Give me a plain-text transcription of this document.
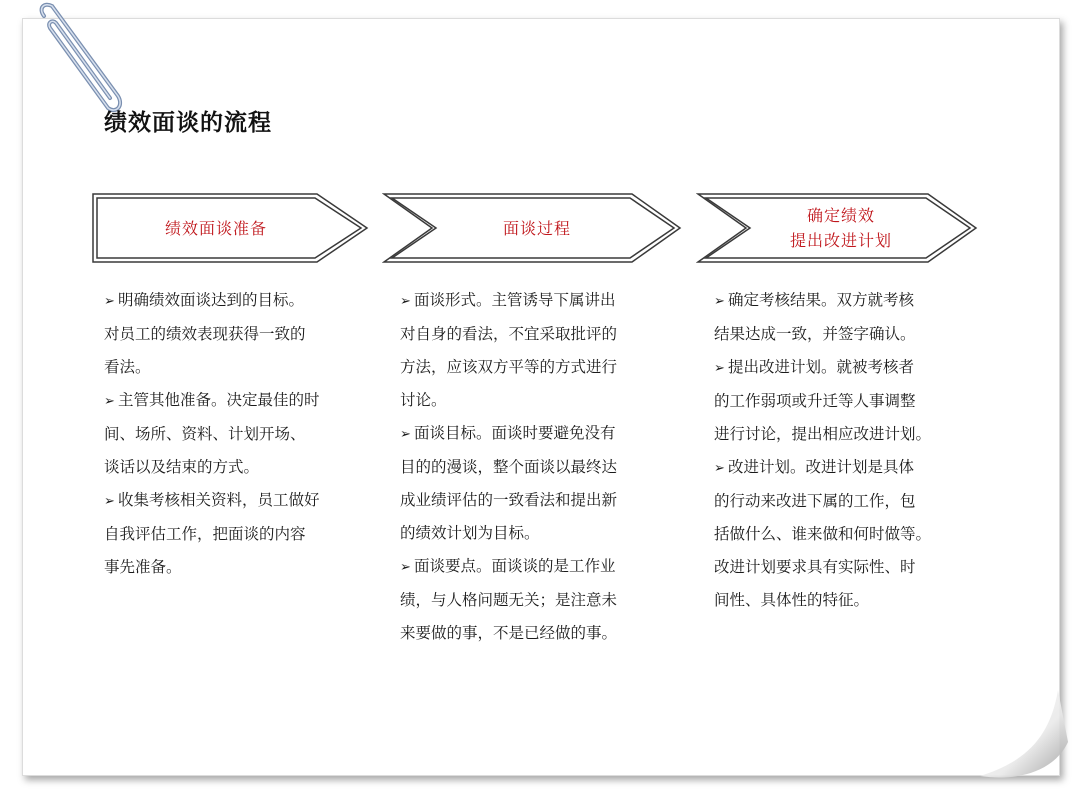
绩效面谈的流程
绩效面谈准备	面谈过程
确定绩效
提出改进计划

➢ 明确绩效面谈达到的目标。

对员工的绩效表现获得一致的

看法。

➢ 主管其他准备。决定最佳的时

间、场所、资料、计划开场、

谈话以及结束的方式。

➢ 收集考核相关资料，员工做好

自我评估工作，把面谈的内容

事先准备。

➢ 面谈形式。主管诱导下属讲出

对自身的看法，不宜采取批评的

方法，应该双方平等的方式进行

讨论。

➢ 面谈目标。面谈时要避免没有

目的的漫谈，整个面谈以最终达

成业绩评估的一致看法和提出新

的绩效计划为目标。

➢ 面谈要点。面谈谈的是工作业

绩，与人格问题无关；是注意未

来要做的事，不是已经做的事。

➢ 确定考核结果。双方就考核

结果达成一致，并签字确认。

➢ 提出改进计划。就被考核者

的工作弱项或升迁等人事调整

进行讨论，提出相应改进计划。

➢ 改进计划。改进计划是具体

的行动来改进下属的工作，包

括做什么、谁来做和何时做等。

改进计划要求具有实际性、时

间性、具体性的特征。
